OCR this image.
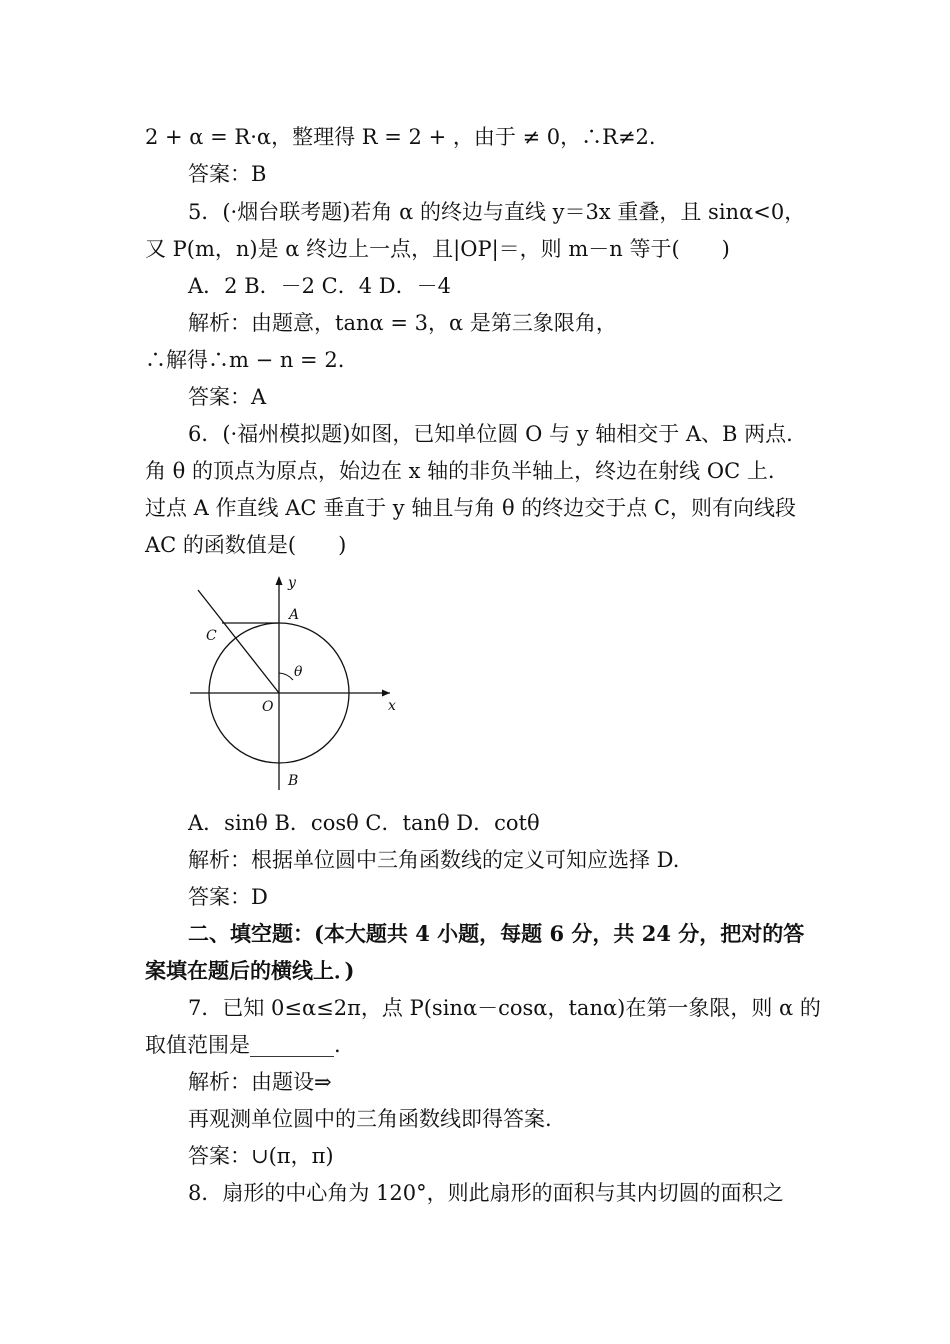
2 + α = R·α，整理得 R = 2 + ，由于 ≠ 0，∴R≠2.
答案：B
5．(·烟台联考题)若角 α 的终边与直线 y＝3x 重叠，且 sinα<0，
又 P(m，n)是 α 终边上一点，且|OP|＝，则 m－n 等于(　　)
A．2 B．－2 C．4 D．－4
解析：由题意，tanα = 3，α 是第三象限角，
∴解得∴m − n = 2.
答案：A
6．(·福州模拟题)如图，已知单位圆 O 与 y 轴相交于 A、B 两点.
角 θ 的顶点为原点，始边在 x 轴的非负半轴上，终边在射线 OC 上.
过点 A 作直线 AC 垂直于 y 轴且与角 θ 的终边交于点 C，则有向线段
AC 的函数值是(　　)
y
x
A
B
C
O
θ
A．sinθ B．cosθ C．tanθ D．cotθ
解析：根据单位圆中三角函数线的定义可知应选择 D.
答案：D
二、填空题：(本大题共 4 小题，每题 6 分，共 24 分，把对的答
案填在题后的横线上．)
7．已知 0≤α≤2π，点 P(sinα－cosα，tanα)在第一象限，则 α 的
取值范围是________.
解析：由题设⇒
再观测单位圆中的三角函数线即得答案.
答案：∪(π，π)
8．扇形的中心角为 120°，则此扇形的面积与其内切圆的面积之
